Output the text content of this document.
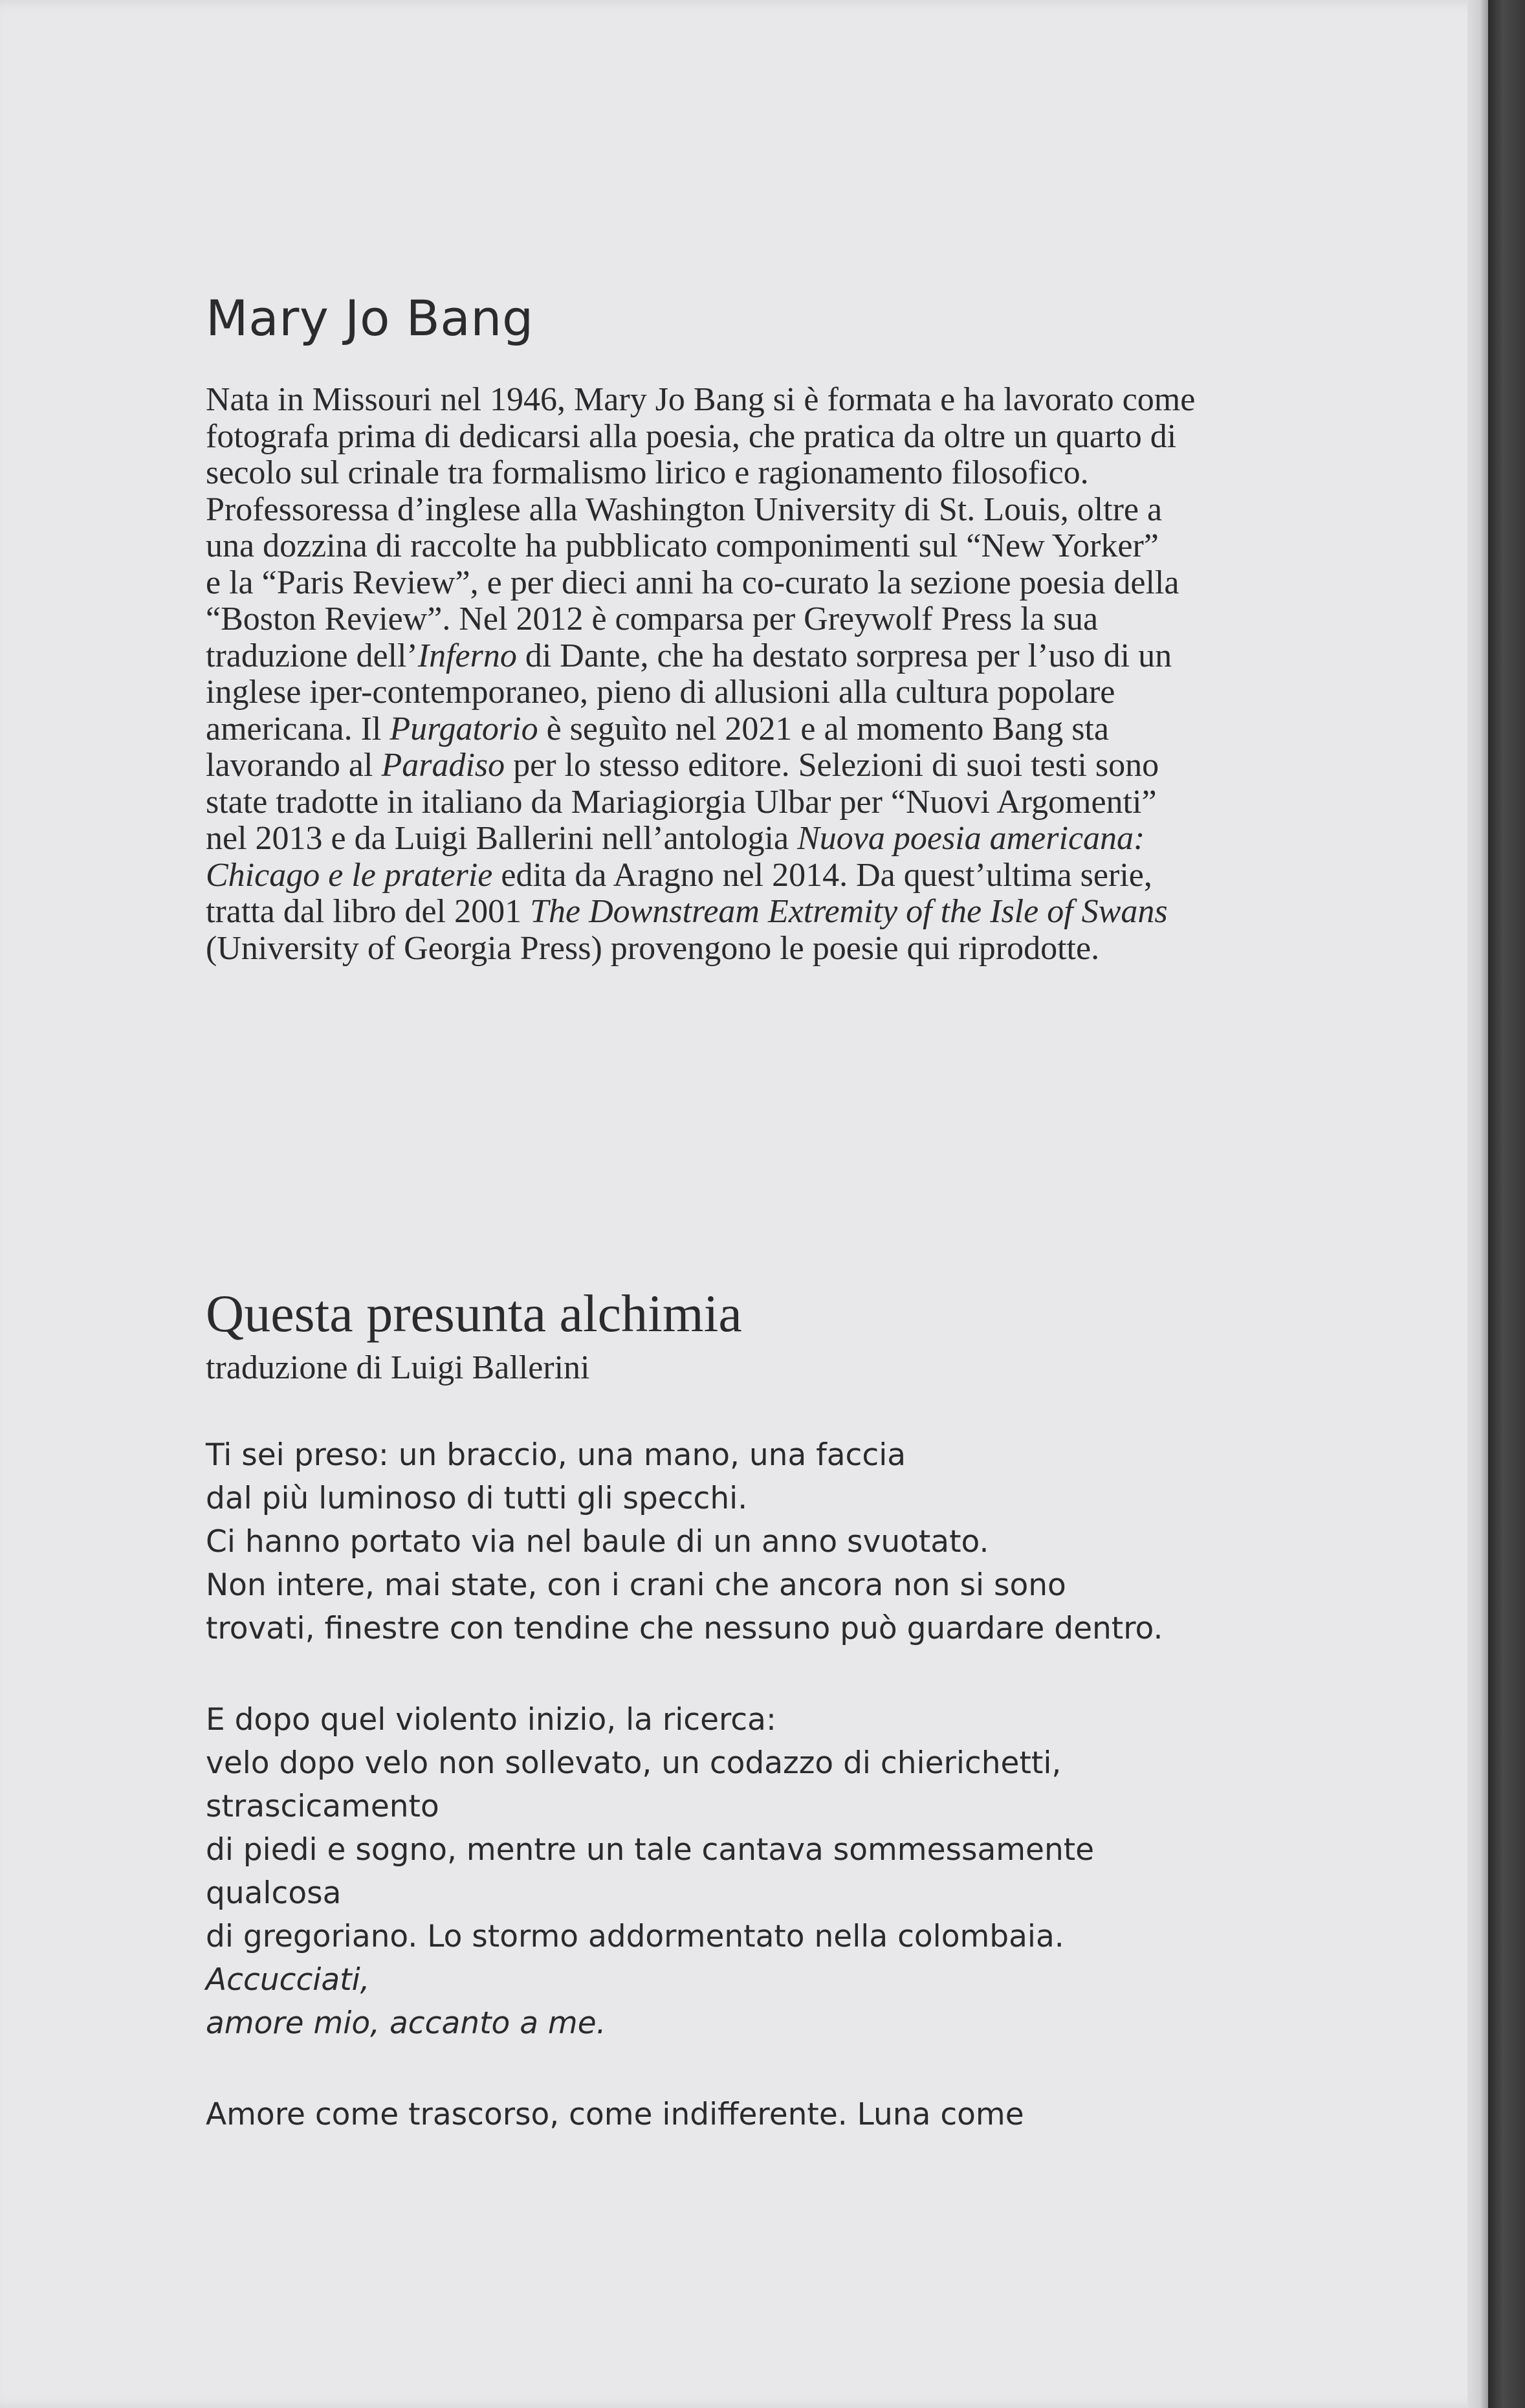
Mary Jo Bang
Nata in Missouri nel 1946, Mary Jo Bang si è formata e ha lavorato come
fotografa prima di dedicarsi alla poesia, che pratica da oltre un quarto di
secolo sul crinale tra formalismo lirico e ragionamento filosofico.
Professoressa d’inglese alla Washington University di St. Louis, oltre a
una dozzina di raccolte ha pubblicato componimenti sul “New Yorker”
e la “Paris Review”, e per dieci anni ha co-curato la sezione poesia della
“Boston Review”. Nel 2012 è comparsa per Greywolf Press la sua
traduzione dell’Inferno di Dante, che ha destato sorpresa per l’uso di un
inglese iper-contemporaneo, pieno di allusioni alla cultura popolare
americana. Il Purgatorio è seguìto nel 2021 e al momento Bang sta
lavorando al Paradiso per lo stesso editore. Selezioni di suoi testi sono
state tradotte in italiano da Mariagiorgia Ulbar per “Nuovi Argomenti”
nel 2013 e da Luigi Ballerini nell’antologia Nuova poesia americana:
Chicago e le praterie edita da Aragno nel 2014. Da quest’ultima serie,
tratta dal libro del 2001 The Downstream Extremity of the Isle of Swans
(University of Georgia Press) provengono le poesie qui riprodotte.
Questa presunta alchimia
traduzione di Luigi Ballerini
Ti sei preso: un braccio, una mano, una faccia
dal più luminoso di tutti gli specchi.
Ci hanno portato via nel baule di un anno svuotato.
Non intere, mai state, con i crani che ancora non si sono
trovati, finestre con tendine che nessuno può guardare dentro.
E dopo quel violento inizio, la ricerca:
velo dopo velo non sollevato, un codazzo di chierichetti,
strascicamento
di piedi e sogno, mentre un tale cantava sommessamente
qualcosa
di gregoriano. Lo stormo addormentato nella colombaia.
Accucciati,
amore mio, accanto a me.
Amore come trascorso, come indifferente. Luna come
